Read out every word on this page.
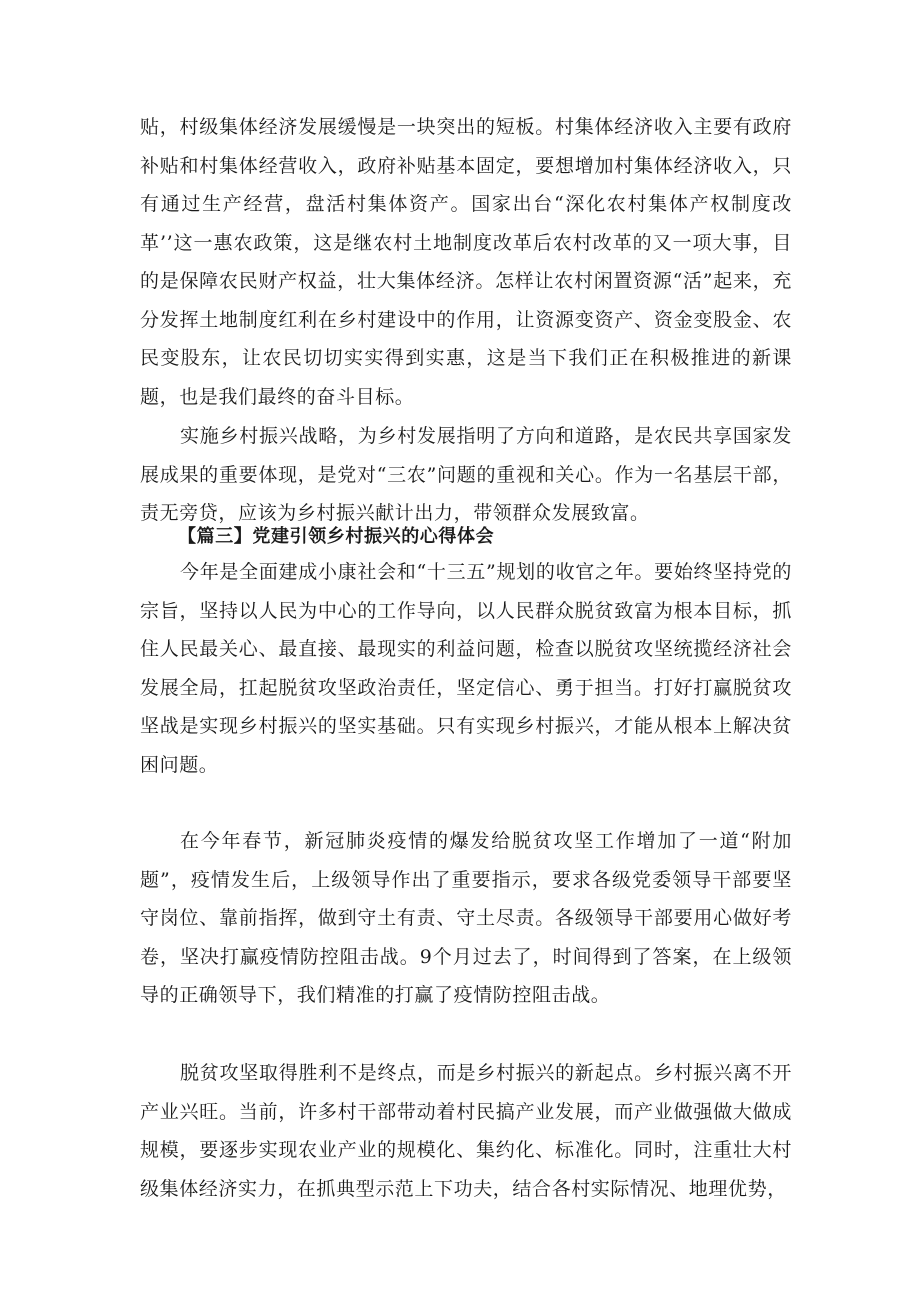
贴，村级集体经济发展缓慢是一块突出的短板。村集体经济收入主要有政府补贴和村集体经营收入，政府补贴基本固定，要想增加村集体经济收入，只有通过生产经营，盘活村集体资产。国家出台“深化农村集体产权制度改革’’这一惠农政策，这是继农村土地制度改革后农村改革的又一项大事，目的是保障农民财产权益，壮大集体经济。怎样让农村闲置资源“活”起来，充分发挥土地制度红利在乡村建设中的作用，让资源变资产、资金变股金、农民变股东，让农民切切实实得到实惠，这是当下我们正在积极推进的新课题，也是我们最终的奋斗目标。

实施乡村振兴战略，为乡村发展指明了方向和道路，是农民共享国家发展成果的重要体现，是党对“三农”问题的重视和关心。作为一名基层干部，责无旁贷，应该为乡村振兴献计出力，带领群众发展致富。

【篇三】党建引领乡村振兴的心得体会

今年是全面建成小康社会和“十三五”规划的收官之年。要始终坚持党的宗旨，坚持以人民为中心的工作导向，以人民群众脱贫致富为根本目标，抓住人民最关心、最直接、最现实的利益问题，检查以脱贫攻坚统揽经济社会发展全局，扛起脱贫攻坚政治责任，坚定信心、勇于担当。打好打赢脱贫攻坚战是实现乡村振兴的坚实基础。只有实现乡村振兴，才能从根本上解决贫困问题。

在今年春节，新冠肺炎疫情的爆发给脱贫攻坚工作增加了一道“附加题”，疫情发生后，上级领导作出了重要指示，要求各级党委领导干部要坚守岗位、靠前指挥，做到守土有责、守土尽责。各级领导干部要用心做好考卷，坚决打赢疫情防控阻击战。9个月过去了，时间得到了答案，在上级领导的正确领导下，我们精准的打赢了疫情防控阻击战。

脱贫攻坚取得胜利不是终点，而是乡村振兴的新起点。乡村振兴离不开产业兴旺。当前，许多村干部带动着村民搞产业发展，而产业做强做大做成规模，要逐步实现农业产业的规模化、集约化、标准化。同时，注重壮大村级集体经济实力，在抓典型示范上下功夫，结合各村实际情况、地理优势，
